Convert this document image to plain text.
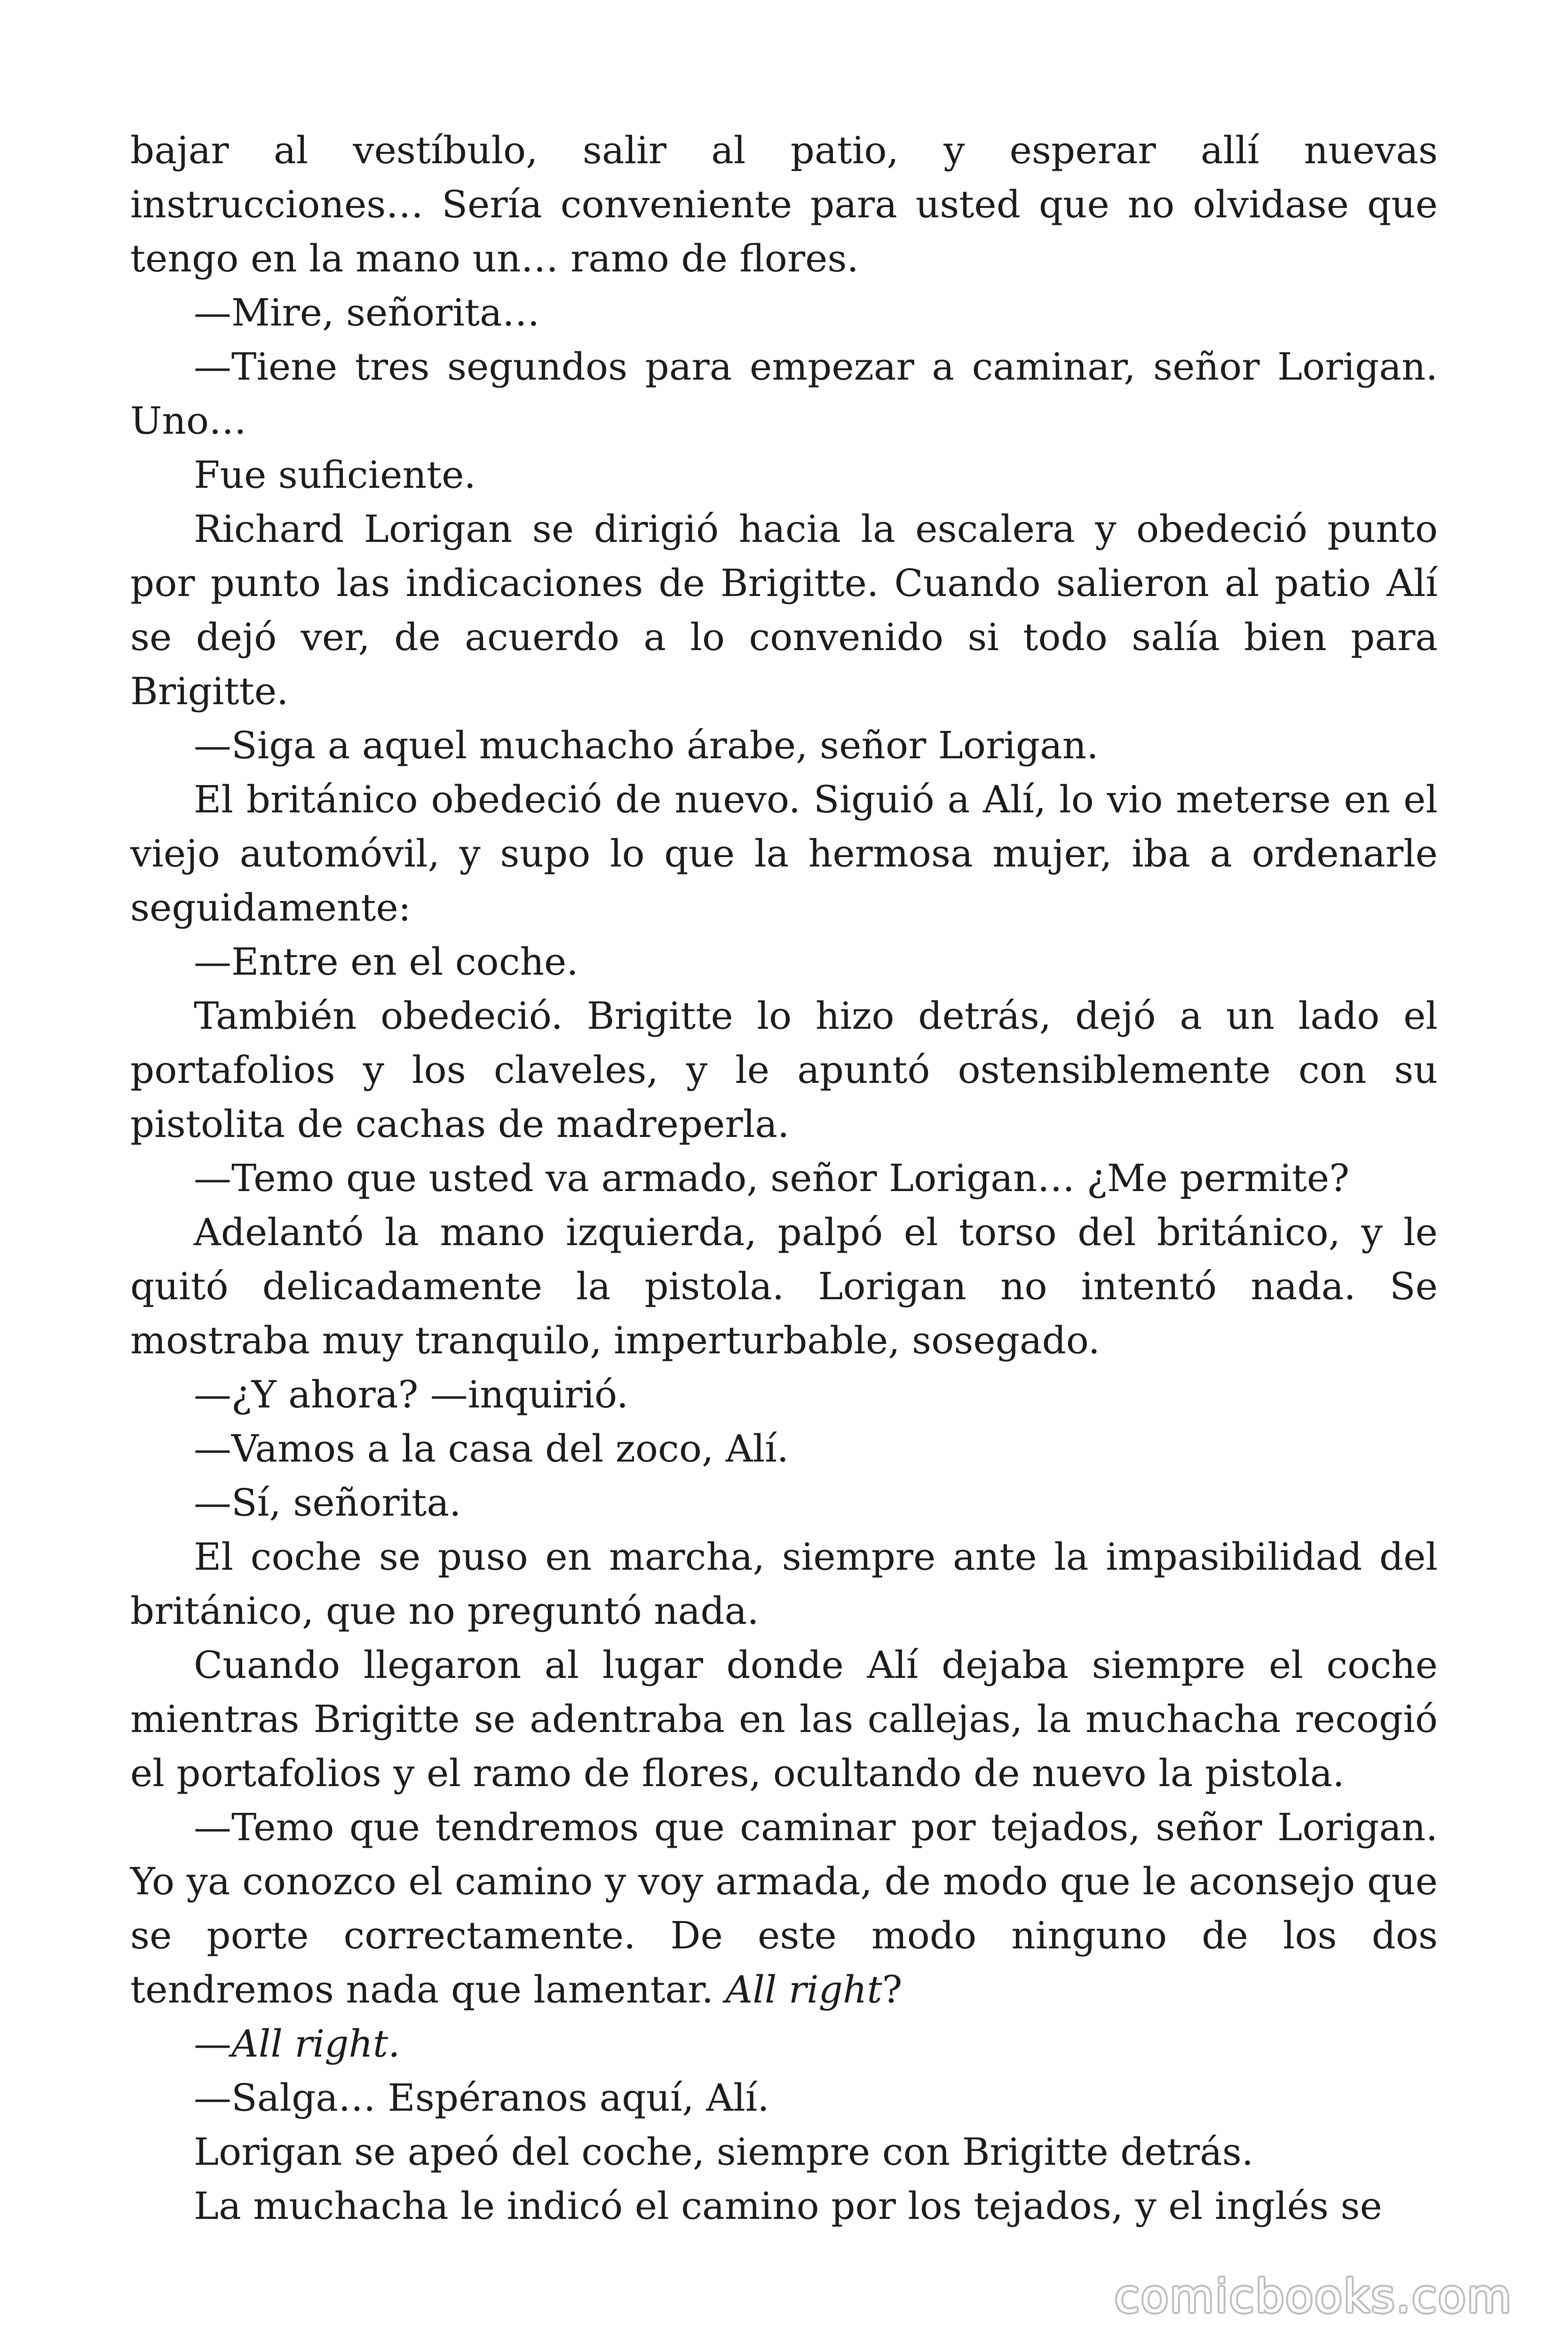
bajar al vestíbulo, salir al patio, y esperar allí nuevas instrucciones… Sería conveniente para usted que no olvidase que tengo en la mano un… ramo de flores.

—Mire, señorita…

—Tiene tres segundos para empezar a caminar, señor Lorigan. Uno…

Fue suficiente.

Richard Lorigan se dirigió hacia la escalera y obedeció punto por punto las indicaciones de Brigitte. Cuando salieron al patio Alí se dejó ver, de acuerdo a lo convenido si todo salía bien para Brigitte.

—Siga a aquel muchacho árabe, señor Lorigan.

El británico obedeció de nuevo. Siguió a Alí, lo vio meterse en el viejo automóvil, y supo lo que la hermosa mujer, iba a ordenarle seguidamente:

—Entre en el coche.

También obedeció. Brigitte lo hizo detrás, dejó a un lado el portafolios y los claveles, y le apuntó ostensiblemente con su pistolita de cachas de madreperla.

—Temo que usted va armado, señor Lorigan… ¿Me permite?

Adelantó la mano izquierda, palpó el torso del británico, y le quitó delicadamente la pistola. Lorigan no intentó nada. Se mostraba muy tranquilo, imperturbable, sosegado.

—¿Y ahora? —inquirió.

—Vamos a la casa del zoco, Alí.

—Sí, señorita.

El coche se puso en marcha, siempre ante la impasibilidad del británico, que no preguntó nada.

Cuando llegaron al lugar donde Alí dejaba siempre el coche mientras Brigitte se adentraba en las callejas, la muchacha recogió el portafolios y el ramo de flores, ocultando de nuevo la pistola.

—Temo que tendremos que caminar por tejados, señor Lorigan. Yo ya conozco el camino y voy armada, de modo que le aconsejo que se porte correctamente. De este modo ninguno de los dos tendremos nada que lamentar. All right?

—All right.

—Salga… Espéranos aquí, Alí.

Lorigan se apeó del coche, siempre con Brigitte detrás.

La muchacha le indicó el camino por los tejados, y el inglés se

comicbooks.com
